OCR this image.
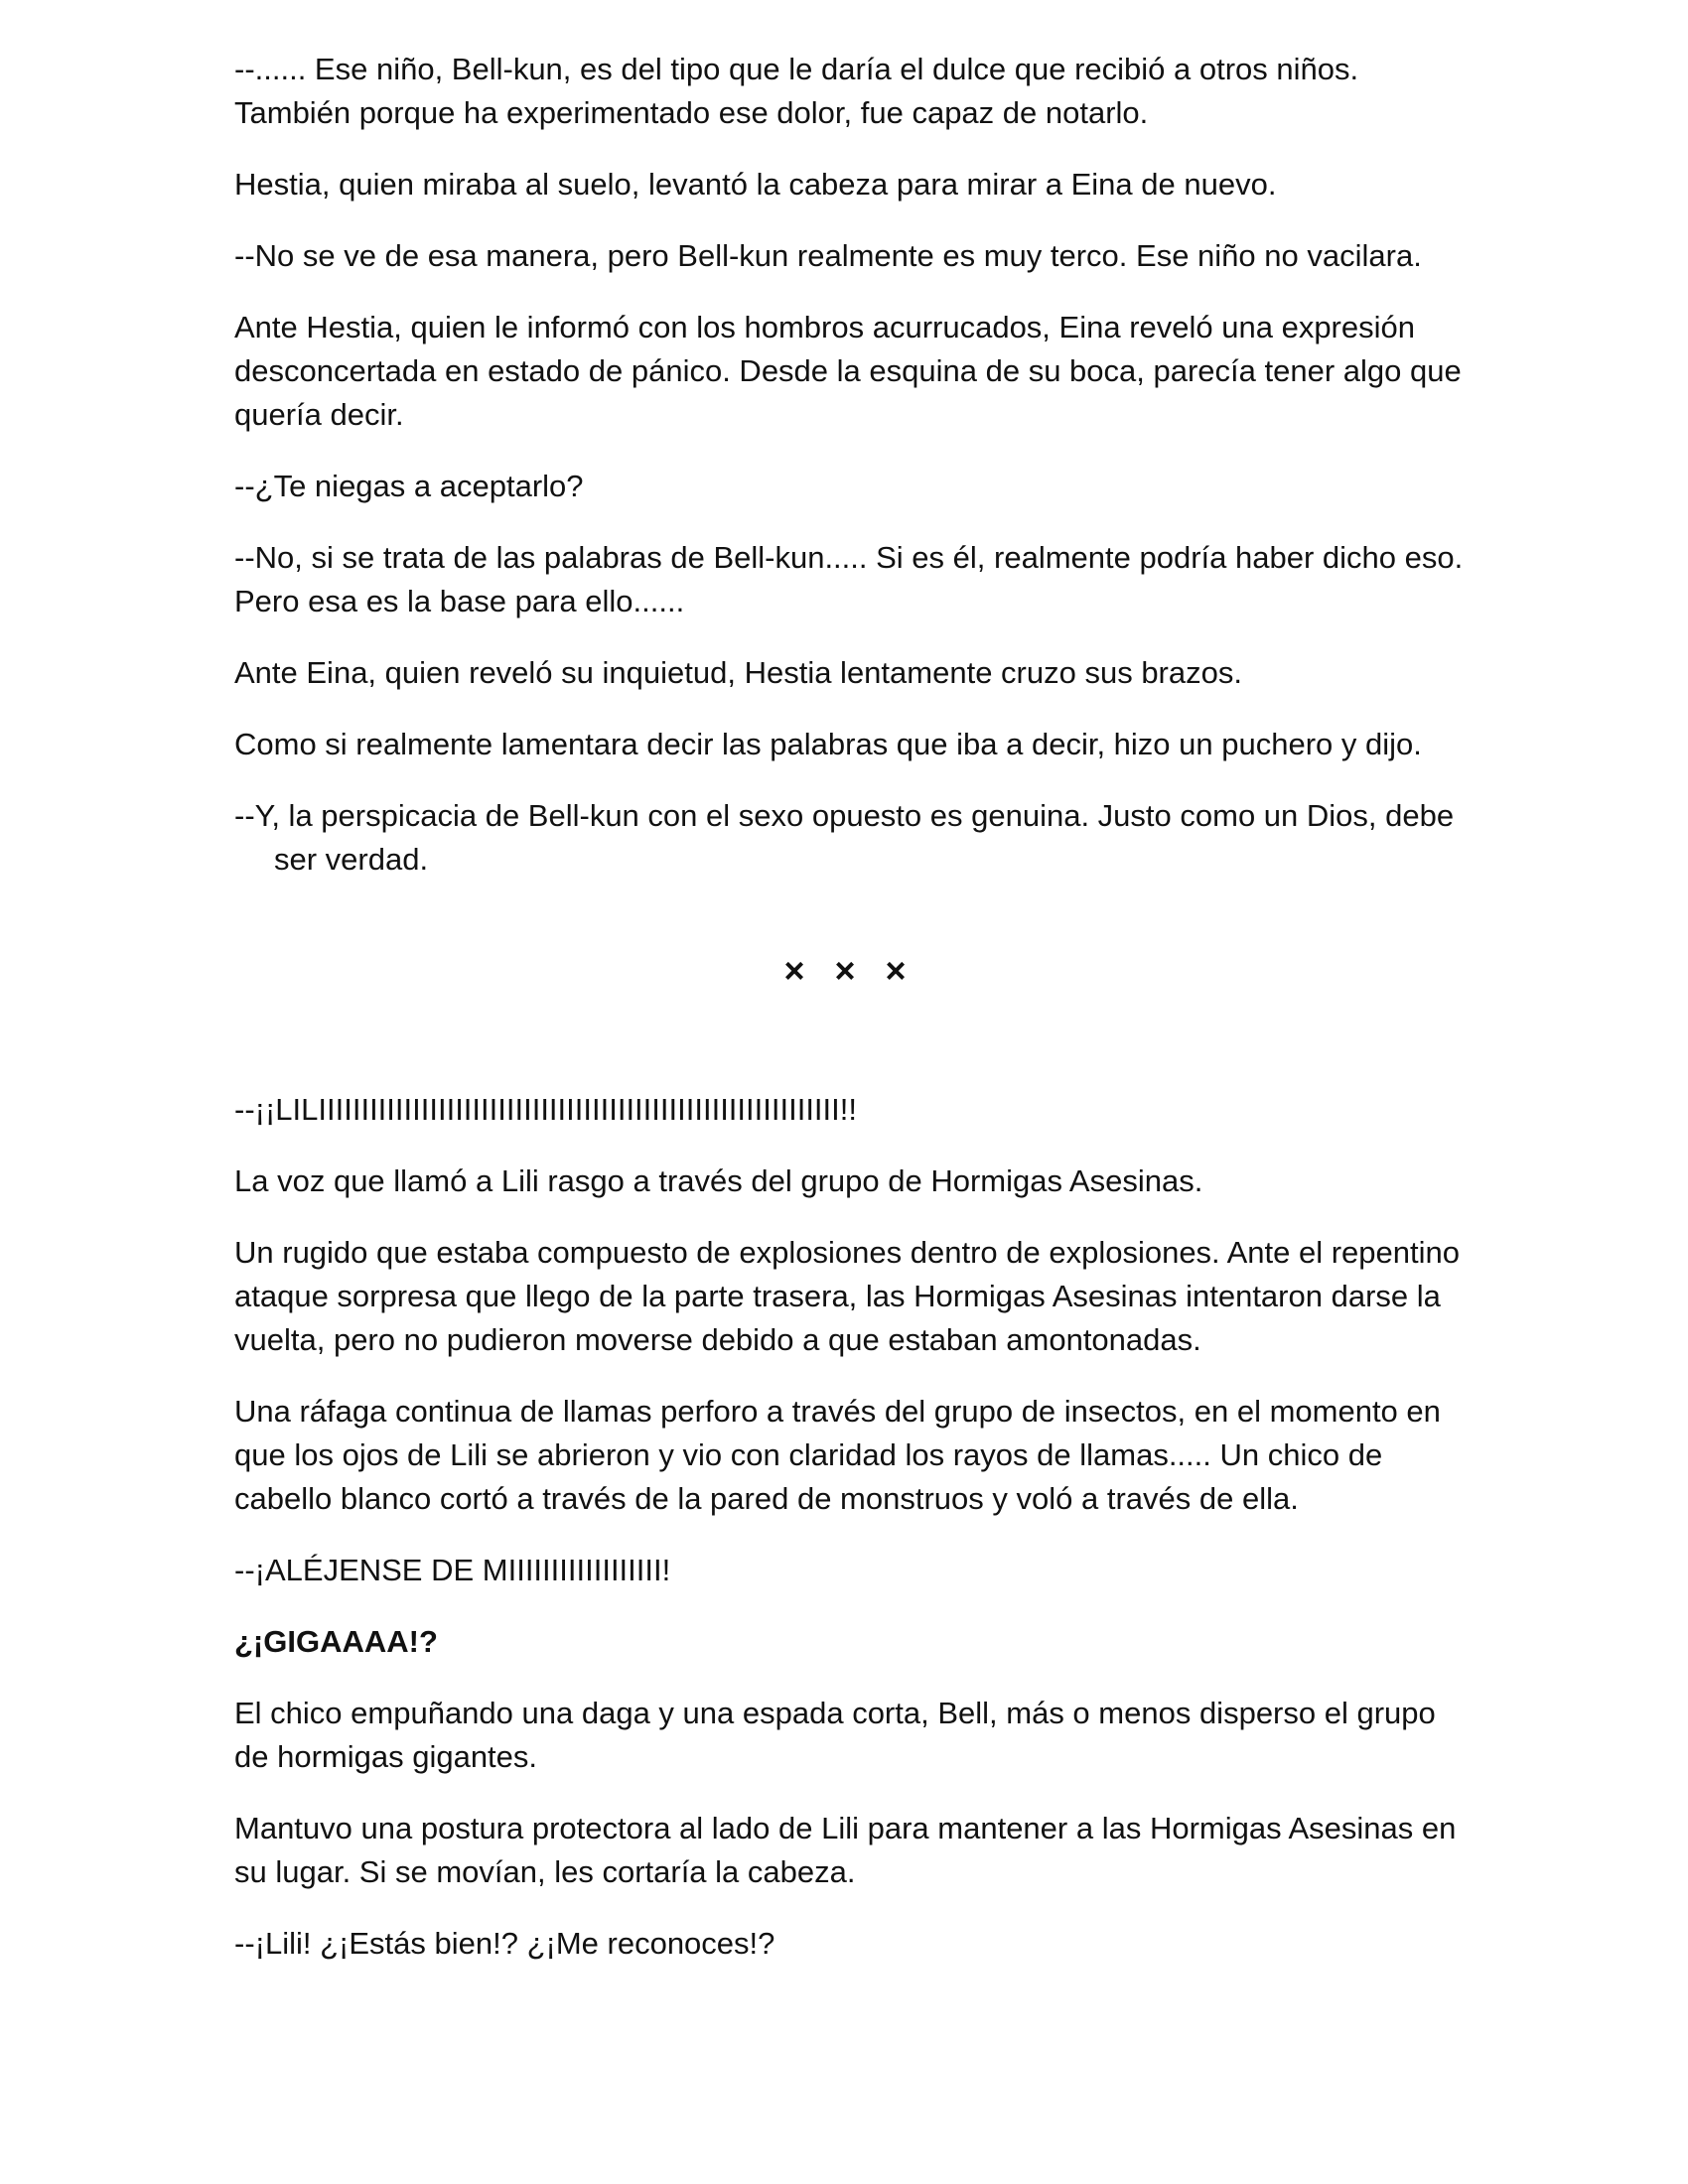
--...... Ese niño, Bell-kun, es del tipo que le daría el dulce que recibió a otros niños. También porque ha experimentado ese dolor, fue capaz de notarlo.

Hestia, quien miraba al suelo, levantó la cabeza para mirar a Eina de nuevo.

--No se ve de esa manera, pero Bell-kun realmente es muy terco. Ese niño no vacilara.

Ante Hestia, quien le informó con los hombros acurrucados, Eina reveló una expresión desconcertada en estado de pánico. Desde la esquina de su boca, parecía tener algo que quería decir.

--¿Te niegas a aceptarlo?

--No, si se trata de las palabras de Bell-kun..... Si es él, realmente podría haber dicho eso. Pero esa es la base para ello......

Ante Eina, quien reveló su inquietud, Hestia lentamente cruzo sus brazos.

Como si realmente lamentara decir las palabras que iba a decir, hizo un puchero y dijo.

--Y, la perspicacia de Bell-kun con el sexo opuesto es genuina. Justo como un Dios, debe ser verdad.

× × ×

--¡¡LILIIIIIIIIIIIIIIIIIIIIIIIIIIIIIIIIIIIIIIIIIIIIIIIIIIIIIIIIIIIII!!

La voz que llamó a Lili rasgo a través del grupo de Hormigas Asesinas.

Un rugido que estaba compuesto de explosiones dentro de explosiones. Ante el repentino ataque sorpresa que llego de la parte trasera, las Hormigas Asesinas intentaron darse la vuelta, pero no pudieron moverse debido a que estaban amontonadas.

Una ráfaga continua de llamas perforo a través del grupo de insectos, en el momento en que los ojos de Lili se abrieron y vio con claridad los rayos de llamas..... Un chico de cabello blanco cortó a través de la pared de monstruos y voló a través de ella.

--¡ALÉJENSE DE MIIIIIIIIIIIIIIIIII!

¿¡GIGAAAA!?

El chico empuñando una daga y una espada corta, Bell, más o menos disperso el grupo de hormigas gigantes.

Mantuvo una postura protectora al lado de Lili para mantener a las Hormigas Asesinas en su lugar. Si se movían, les cortaría la cabeza.

--¡Lili! ¿¡Estás bien!? ¿¡Me reconoces!?
